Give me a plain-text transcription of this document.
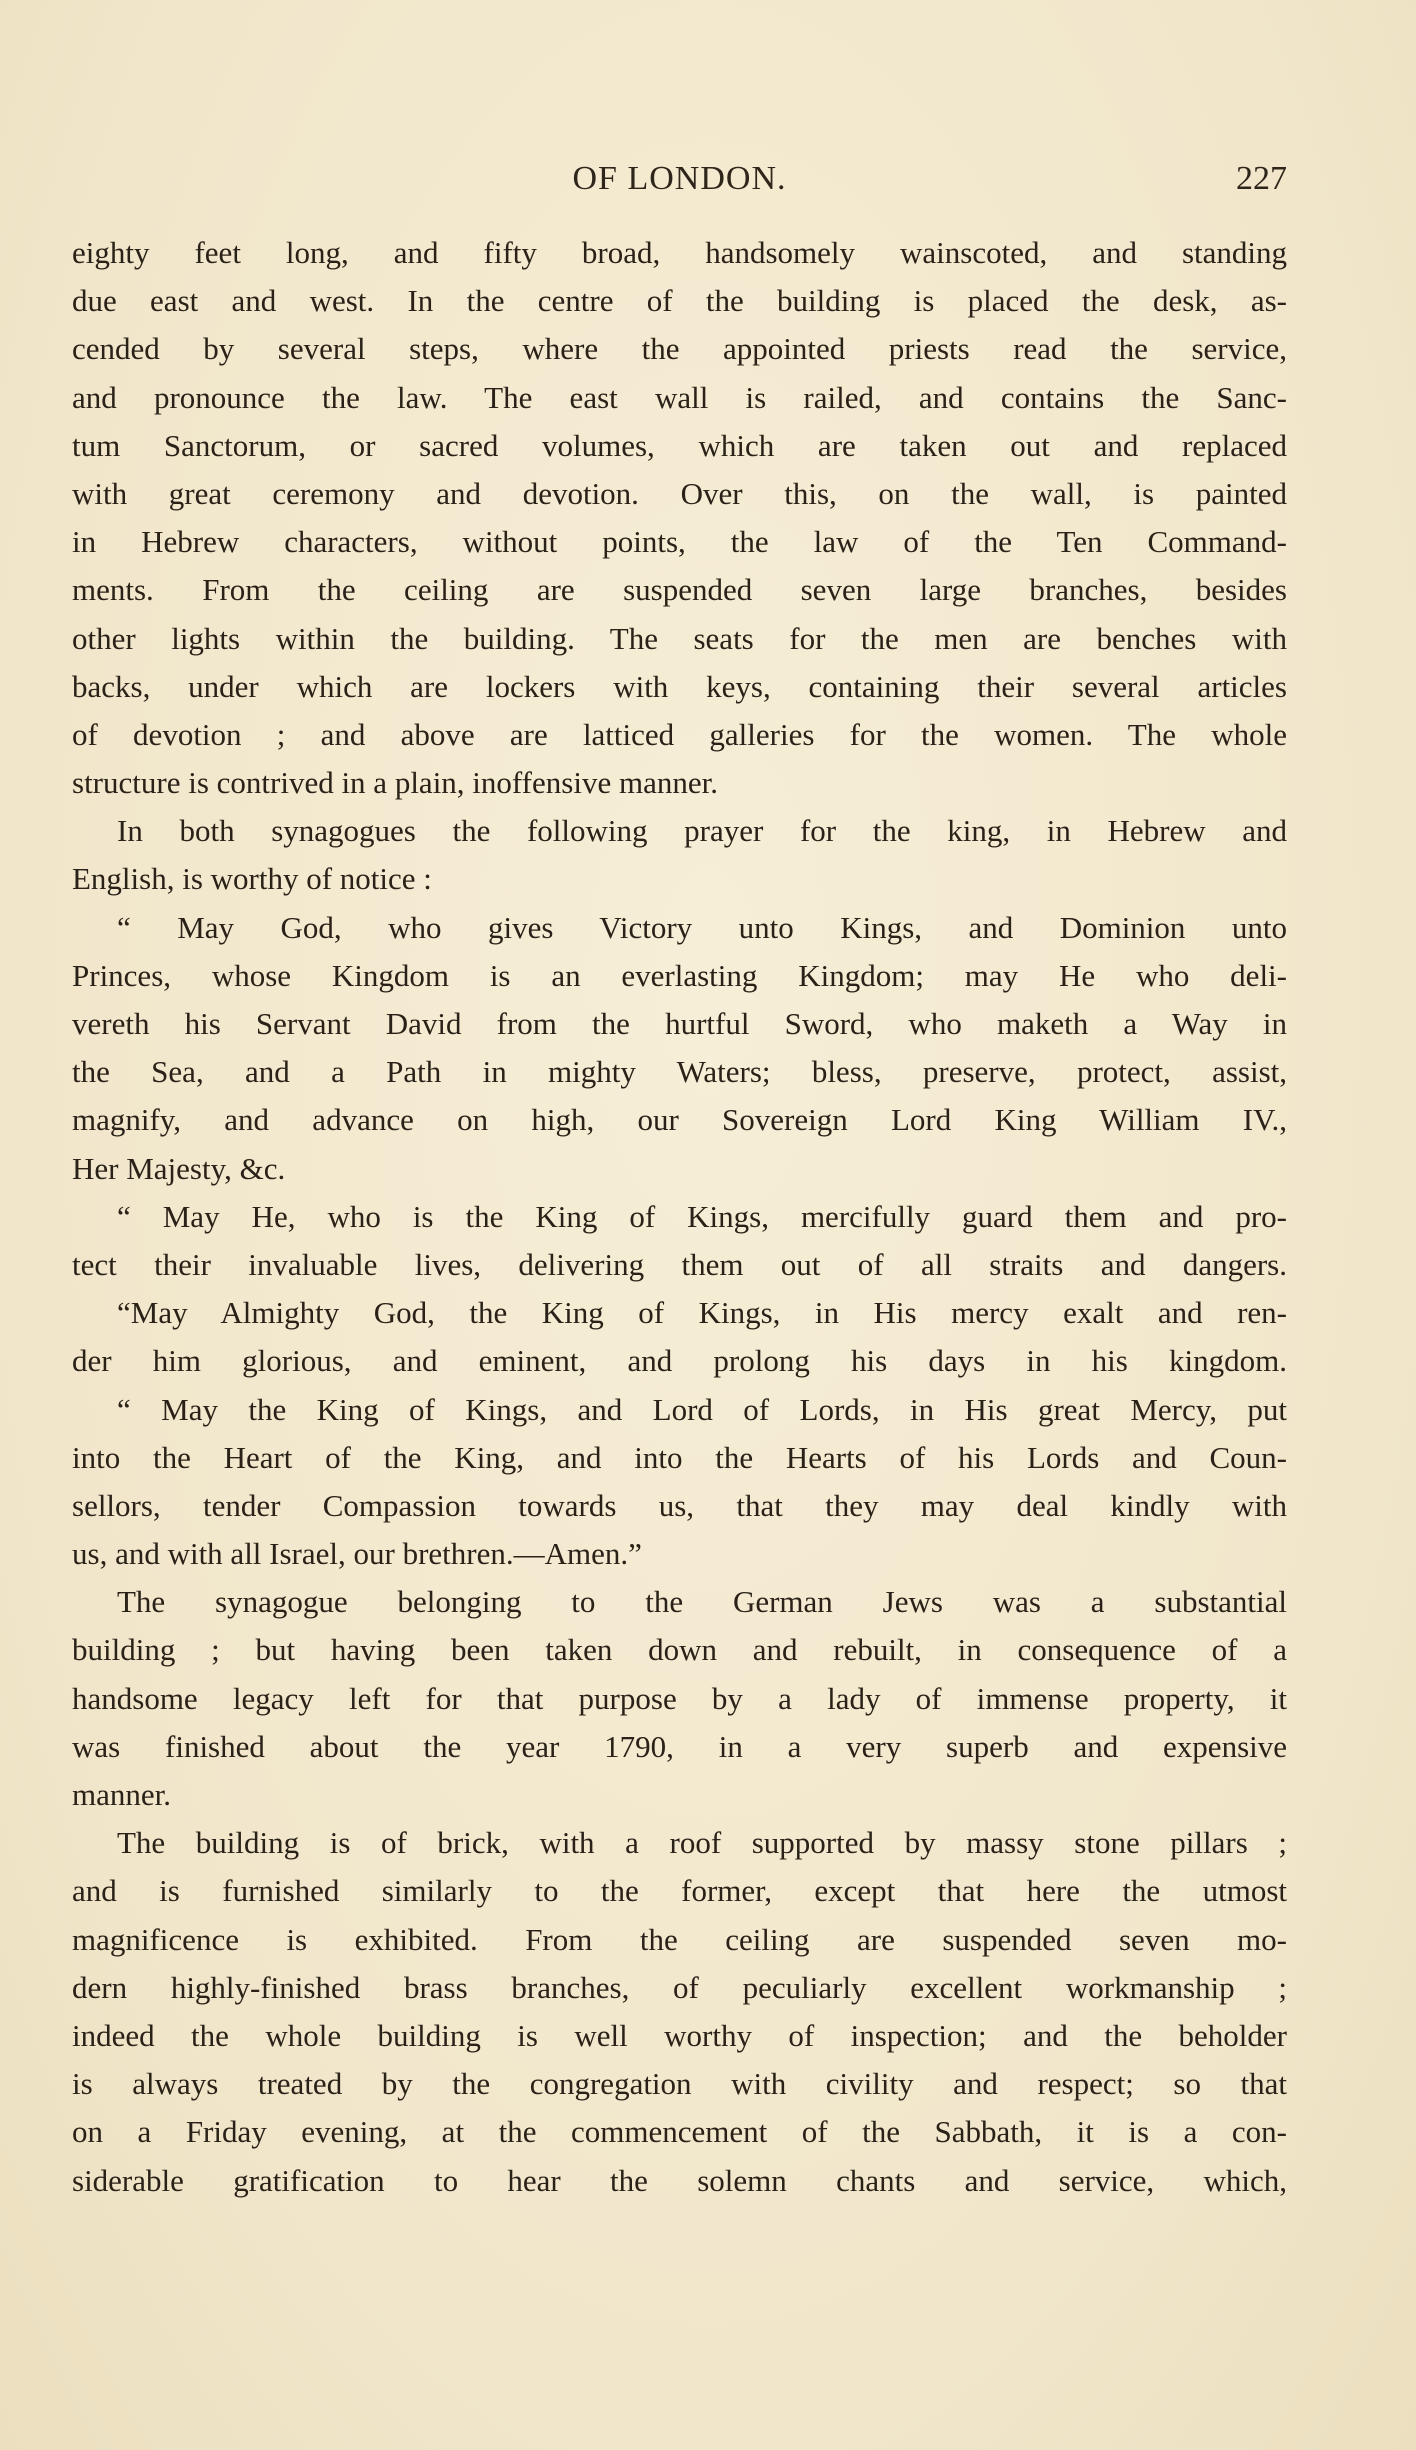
OF LONDON.	2⁣2⁣7
eighty feet long, and fifty broad, handsomely wainscoted, and standing
due east and west. In the centre of the building is placed the desk, as-
cended by several steps, where the appointed priests read the service,
and pronounce the law. The east wall is railed, and contains the Sanc-
tum Sanctorum, or sacred volumes, which are taken out and replaced
with great ceremony and devotion. Over this, on the wall, is painted
in Hebrew characters, without points, the law of the Ten Command-
ments. From the ceiling are suspended seven large branches, besides
other lights within the building. The seats for the men are benches with
backs, under which are lockers with keys, containing their several articles
of devotion ; and above are latticed galleries for the women. The whole
structure is contrived in a plain, inoffensive manner.
In both synagogues the following prayer for the king, in Hebrew and
English, is worthy of notice :
“ May God, who gives Victory unto Kings, and Dominion unto
Princes, whose Kingdom is an everlasting Kingdom; may He who deli-
vereth his Servant David from the hurtful Sword, who maketh a Way in
the Sea, and a Path in mighty Waters; bless, preserve, protect, assist,
magnify, and advance on high, our Sovereign Lord King William IV.,
Her Majesty, &c.
“ May He, who is the King of Kings, mercifully guard them and pro-
tect their invaluable lives, delivering them out of all straits and dangers.
“May Almighty God, the King of Kings, in His mercy exalt and ren-
der him glorious, and eminent, and prolong his days in his kingdom.
“ May the King of Kings, and Lord of Lords, in His great Mercy, put
into the Heart of the King, and into the Hearts of his Lords and Coun-
sellors, tender Compassion towards us, that they may deal kindly with
us, and with all Israel, our brethren.—Amen.”
The synagogue belonging to the German Jews was a substantial
building ; but having been taken down and rebuilt, in consequence of a
handsome legacy left for that purpose by a lady of immense property, it
was finished about the year 1790, in a very superb and expensive
manner.
The building is of brick, with a roof supported by massy stone pillars ;
and is furnished similarly to the former, except that here the utmost
magnificence is exhibited. From the ceiling are suspended seven mo-
dern highly-finished brass branches, of peculiarly excellent workmanship ;
indeed the whole building is well worthy of inspection; and the beholder
is always treated by the congregation with civility and respect; so that
on a Friday evening, at the commencement of the Sabbath, it is a con-
siderable gratification to hear the solemn chants and service, which,
